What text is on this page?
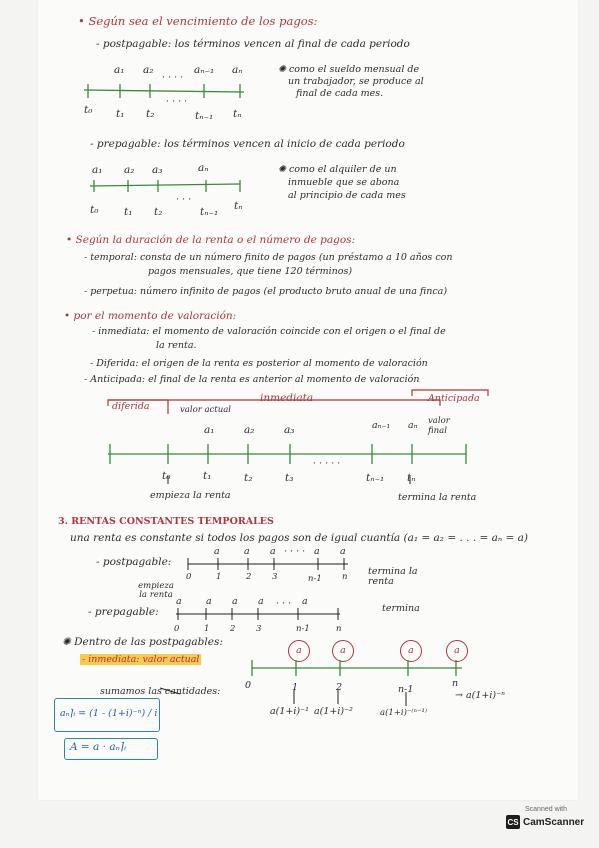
• Según sea el vencimiento de los pagos:
- postpagable: los términos vencen al final de cada periodo
a₁ a₂
· · · ·
aₙ₋₁ aₙ
t₀ t₁ t₂
· · · ·
tₙ₋₁ tₙ
✺ como el sueldo mensual de
un trabajador, se produce al
final de cada mes.
- prepagable: los términos vencen al inicio de cada periodo
a₁ a₂ a₃	aₙ
t₀ t₁ t₂
· · ·
tₙ₋₁ tₙ
✺ como el alquiler de un
inmueble que se abona
al principio de cada mes
• Según la duración de la renta o el número de pagos:
- temporal: consta de un número finito de pagos (un préstamo a 10 años con
pagos mensuales, que tiene 120 términos)
- perpetua: número infinito de pagos (el producto bruto anual de una finca)
• por el momento de valoración:
- inmediata: el momento de valoración coincide con el origen o el final de
la renta.
- Diferida: el origen de la renta es posterior al momento de valoración
- Anticipada: el final de la renta es anterior al momento de valoración
diferida
inmediata	Anticipada
valor actual
valor final
a₁	a₂	a₃	aₙ₋₁ aₙ
t₀	t₁	t₂	t₃
· · · · ·
tₙ₋₁ tₙ
empieza la renta	termina la renta
3. RENTAS CONSTANTES TEMPORALES
una renta es constante si todos los pagos son de igual cuantía (a₁ = a₂ = . . . = aₙ = a)
- postpagable:
a	a a · · · · a a
0	1	2 3	n-1 n termina la renta
empieza la renta
- prepagable:
a	a a a · · · a
0	1 2 3	n-1	n
termina
✺ Dentro de las postpagables:
- inmediata: valor actual
0	1	2	n-1
n
a(1+i)⁻¹ a(1+i)⁻²	a(1+i)⁻⁽ⁿ⁻¹⁾
→ a(1+i)⁻ⁿ
sumamos las cantidades:
aₙ⌉ᵢ = (1 - (1+i)⁻ⁿ) / i
A = a · aₙ⌉ᵢ
a	a	a	a
Scanned with
CS CamScanner
